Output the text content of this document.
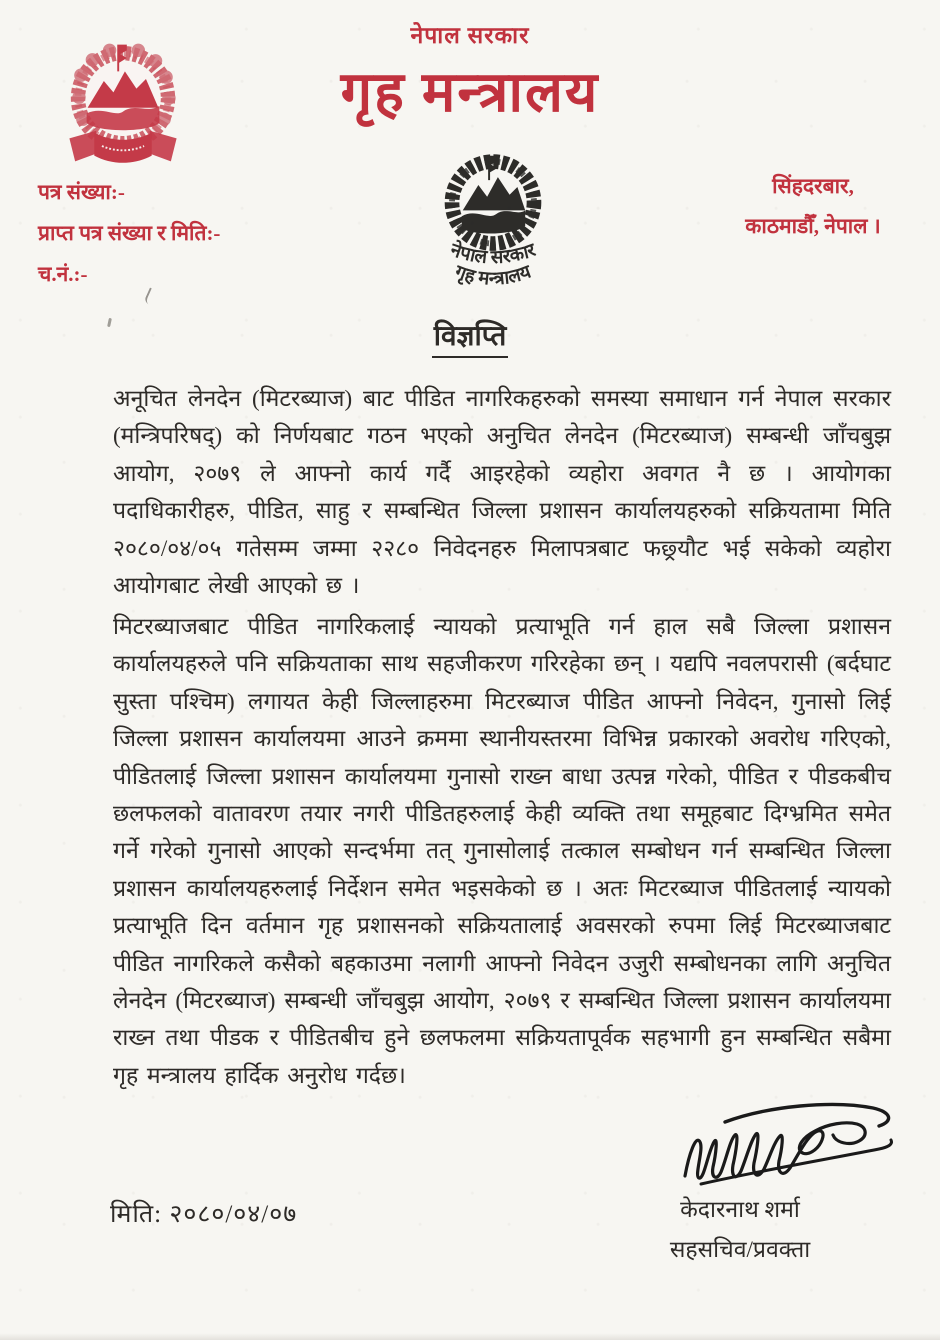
नेपाल सरकार
गृह मन्त्रालय
नेपाल सरकार
गृह मन्त्रालय
पत्र संख्या:-
प्राप्त पत्र संख्या र मिति:-
च.नं.:-
सिंहदरबार,
काठमाडौँ, नेपाल ।
विज्ञप्ति

अनूचित लेनदेन (मिटरब्याज) बाट पीडित नागरिकहरुको समस्या समाधान गर्न नेपाल सरकार (मन्त्रिपरिषद्) को निर्णयबाट गठन भएको अनुचित लेनदेन (मिटरब्याज) सम्बन्धी जाँचबुझ आयोग, २०७९ ले आफ्नो कार्य गर्दै आइरहेको व्यहोरा अवगत नै छ । आयोगका पदाधिकारीहरु, पीडित, साहु र सम्बन्धित जिल्ला प्रशासन कार्यालयहरुको सक्रियतामा मिति २०८०/०४/०५ गतेसम्म जम्मा २२८० निवेदनहरु मिलापत्रबाट फछ्र्यौट भई सकेको व्यहोरा आयोगबाट लेखी आएको छ ।

मिटरब्याजबाट पीडित नागरिकलाई न्यायको प्रत्याभूति गर्न हाल सबै जिल्ला प्रशासन कार्यालयहरुले पनि सक्रियताका साथ सहजीकरण गरिरहेका छन् । यद्यपि नवलपरासी (बर्दघाट सुस्ता पश्चिम) लगायत केही जिल्लाहरुमा मिटरब्याज पीडित आफ्नो निवेदन, गुनासो लिई जिल्ला प्रशासन कार्यालयमा आउने क्रममा स्थानीयस्तरमा विभिन्न प्रकारको अवरोध गरिएको, पीडितलाई जिल्ला प्रशासन कार्यालयमा गुनासो राख्न बाधा उत्पन्न गरेको, पीडित र पीडकबीच छलफलको वातावरण तयार नगरी पीडितहरुलाई केही व्यक्ति तथा समूहबाट दिग्भ्रमित समेत गर्ने गरेको गुनासो आएको सन्दर्भमा तत् गुनासोलाई तत्काल सम्बोधन गर्न सम्बन्धित जिल्ला प्रशासन कार्यालयहरुलाई निर्देशन समेत भइसकेको छ । अतः मिटरब्याज पीडितलाई न्यायको प्रत्याभूति दिन वर्तमान गृह प्रशासनको सक्रियतालाई अवसरको रुपमा लिई मिटरब्याजबाट पीडित नागरिकले कसैको बहकाउमा नलागी आफ्नो निवेदन उजुरी सम्बोधनका लागि अनुचित लेनदेन (मिटरब्याज) सम्बन्धी जाँचबुझ आयोग, २०७९ र सम्बन्धित जिल्ला प्रशासन कार्यालयमा राख्न तथा पीडक र पीडितबीच हुने छलफलमा सक्रियतापूर्वक सहभागी हुन सम्बन्धित सबैमा गृह मन्त्रालय हार्दिक अनुरोध गर्दछ।

मिति: २०८०/०४/०७	केदारनाथ शर्मा
सहसचिव/प्रवक्ता
